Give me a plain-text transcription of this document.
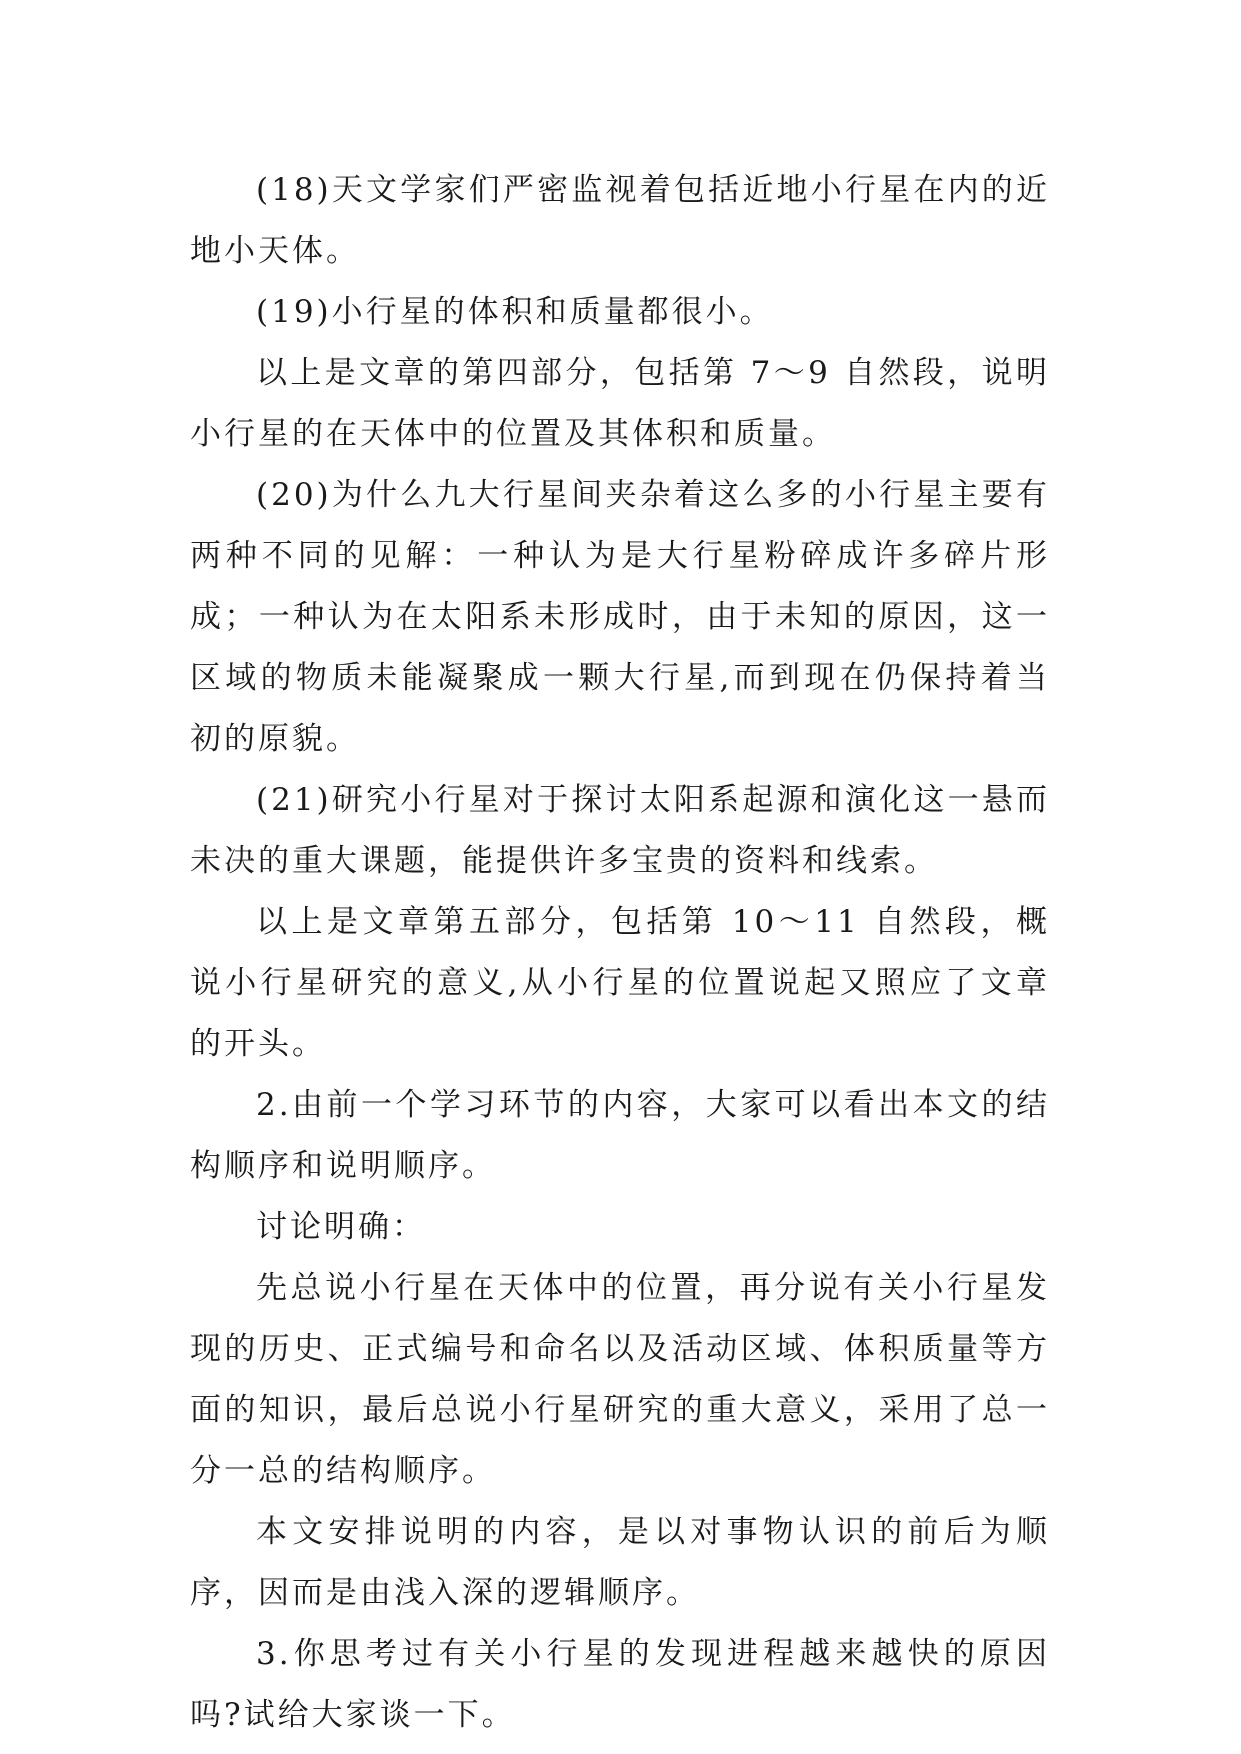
(18)天文学家们严密监视着包括近地小行星在内的近地小天体。

(19)小行星的体积和质量都很小。

以上是文章的第四部分，包括第 7～9 自然段，说明小行星的在天体中的位置及其体积和质量。

(20)为什么九大行星间夹杂着这么多的小行星主要有两种不同的见解：一种认为是大行星粉碎成许多碎片形成；一种认为在太阳系未形成时，由于未知的原因，这一区域的物质未能凝聚成一颗大行星,而到现在仍保持着当初的原貌。

(21)研究小行星对于探讨太阳系起源和演化这一悬而未决的重大课题，能提供许多宝贵的资料和线索。

以上是文章第五部分，包括第 10～11 自然段，概说小行星研究的意义,从小行星的位置说起又照应了文章的开头。

2.由前一个学习环节的内容，大家可以看出本文的结构顺序和说明顺序。

讨论明确：

先总说小行星在天体中的位置，再分说有关小行星发现的历史、正式编号和命名以及活动区域、体积质量等方面的知识，最后总说小行星研究的重大意义，采用了总一分一总的结构顺序。

本文安排说明的内容，是以对事物认识的前后为顺序，因而是由浅入深的逻辑顺序。

3.你思考过有关小行星的发现进程越来越快的原因吗?试给大家谈一下。
